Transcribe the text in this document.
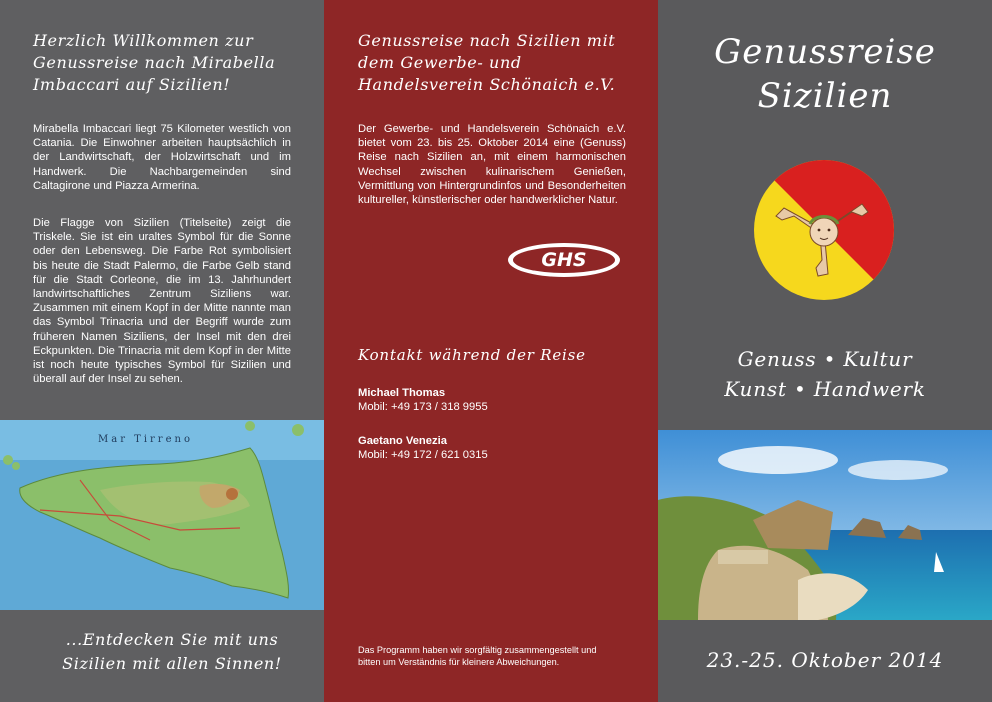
Herzlich Willkommen zur Genussreise nach Mirabella Imbaccari auf Sizilien!
Mirabella Imbaccari liegt 75 Kilometer westlich von Catania. Die Einwohner arbeiten hauptsächlich in der Landwirtschaft, der Holzwirtschaft und im Handwerk. Die Nachbargemeinden sind Caltagirone und Piazza Armerina.
Die Flagge von Sizilien (Titelseite) zeigt die Triskele. Sie ist ein uraltes Symbol für die Sonne oder den Lebensweg. Die Farbe Rot symbolisiert bis heute die Stadt Palermo, die Farbe Gelb stand für die Stadt Corleone, die im 13. Jahrhundert landwirtschaftliches Zentrum Siziliens war. Zusammen mit einem Kopf in der Mitte nannte man das Symbol Trinacria und der Begriff wurde zum früheren Namen Siziliens, der Insel mit den drei Eckpunkten. Die Trinacria mit dem Kopf in der Mitte ist noch heute typisches Symbol für Sizilien und überall auf der Insel zu sehen.
Mar Tirreno
...Entdecken Sie mit uns
Sizilien mit allen Sinnen!
Genussreise nach Sizilien mit dem Gewerbe- und Handelsverein Schönaich e.V.
Der Gewerbe- und Handelsverein Schönaich e.V. bietet vom 23. bis 25. Oktober 2014 eine (Genuss) Reise nach Sizilien an, mit einem harmonischen Wechsel zwischen kulinarischem Genießen, Vermittlung von Hintergrundinfos und Besonderheiten kultureller, künstlerischer oder handwerklicher Natur.
GHS
Kontakt während der Reise
Michael Thomas
Mobil: +49 173 / 318 9955
Gaetano Venezia
Mobil: +49 172 / 621 0315
Das Programm haben wir sorgfältig zusammengestellt und
bitten um Verständnis für kleinere Abweichungen.
Genussreise
Sizilien
Genuss • Kultur
Kunst • Handwerk
23.-25. Oktober 2014
